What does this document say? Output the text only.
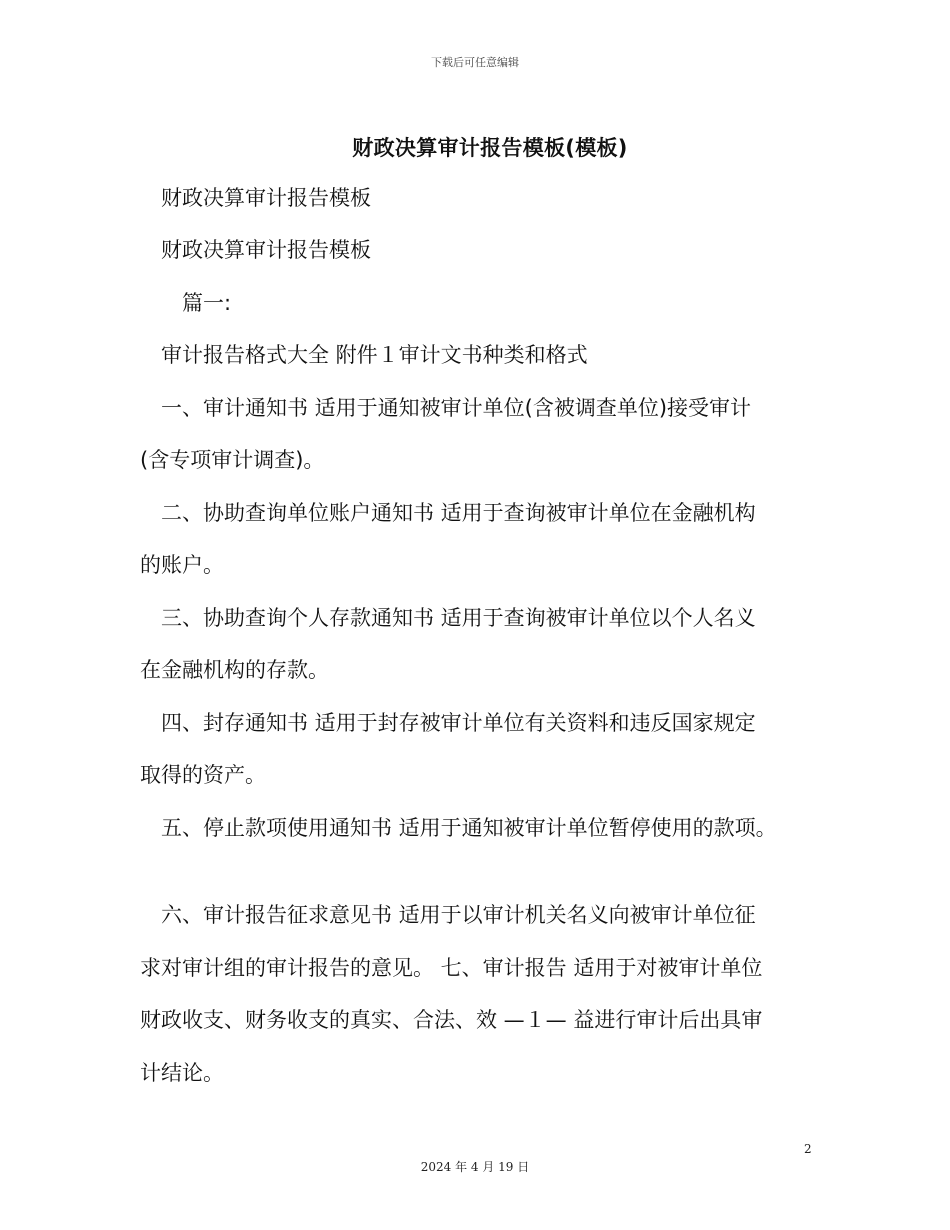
下载后可任意编辑
财政决算审计报告模板(模板)
　财政决算审计报告模板
　财政决算审计报告模板
　　篇一:
　审计报告格式大全 附件１审计文书种类和格式
　一、审计通知书 适用于通知被审计单位(含被调查单位)接受审计
(含专项审计调查)。
　二、协助查询单位账户通知书 适用于查询被审计单位在金融机构
的账户。
　三、协助查询个人存款通知书 适用于查询被审计单位以个人名义
在金融机构的存款。
　四、封存通知书 适用于封存被审计单位有关资料和违反国家规定
取得的资产。
　五、停止款项使用通知书 适用于通知被审计单位暂停使用的款项。
　六、审计报告征求意见书 适用于以审计机关名义向被审计单位征
求对审计组的审计报告的意见。 七、审计报告 适用于对被审计单位
财政收支、财务收支的真实、合法、效 —１— 益进行审计后出具审
计结论。
2
2024 年 4 月 19 日
